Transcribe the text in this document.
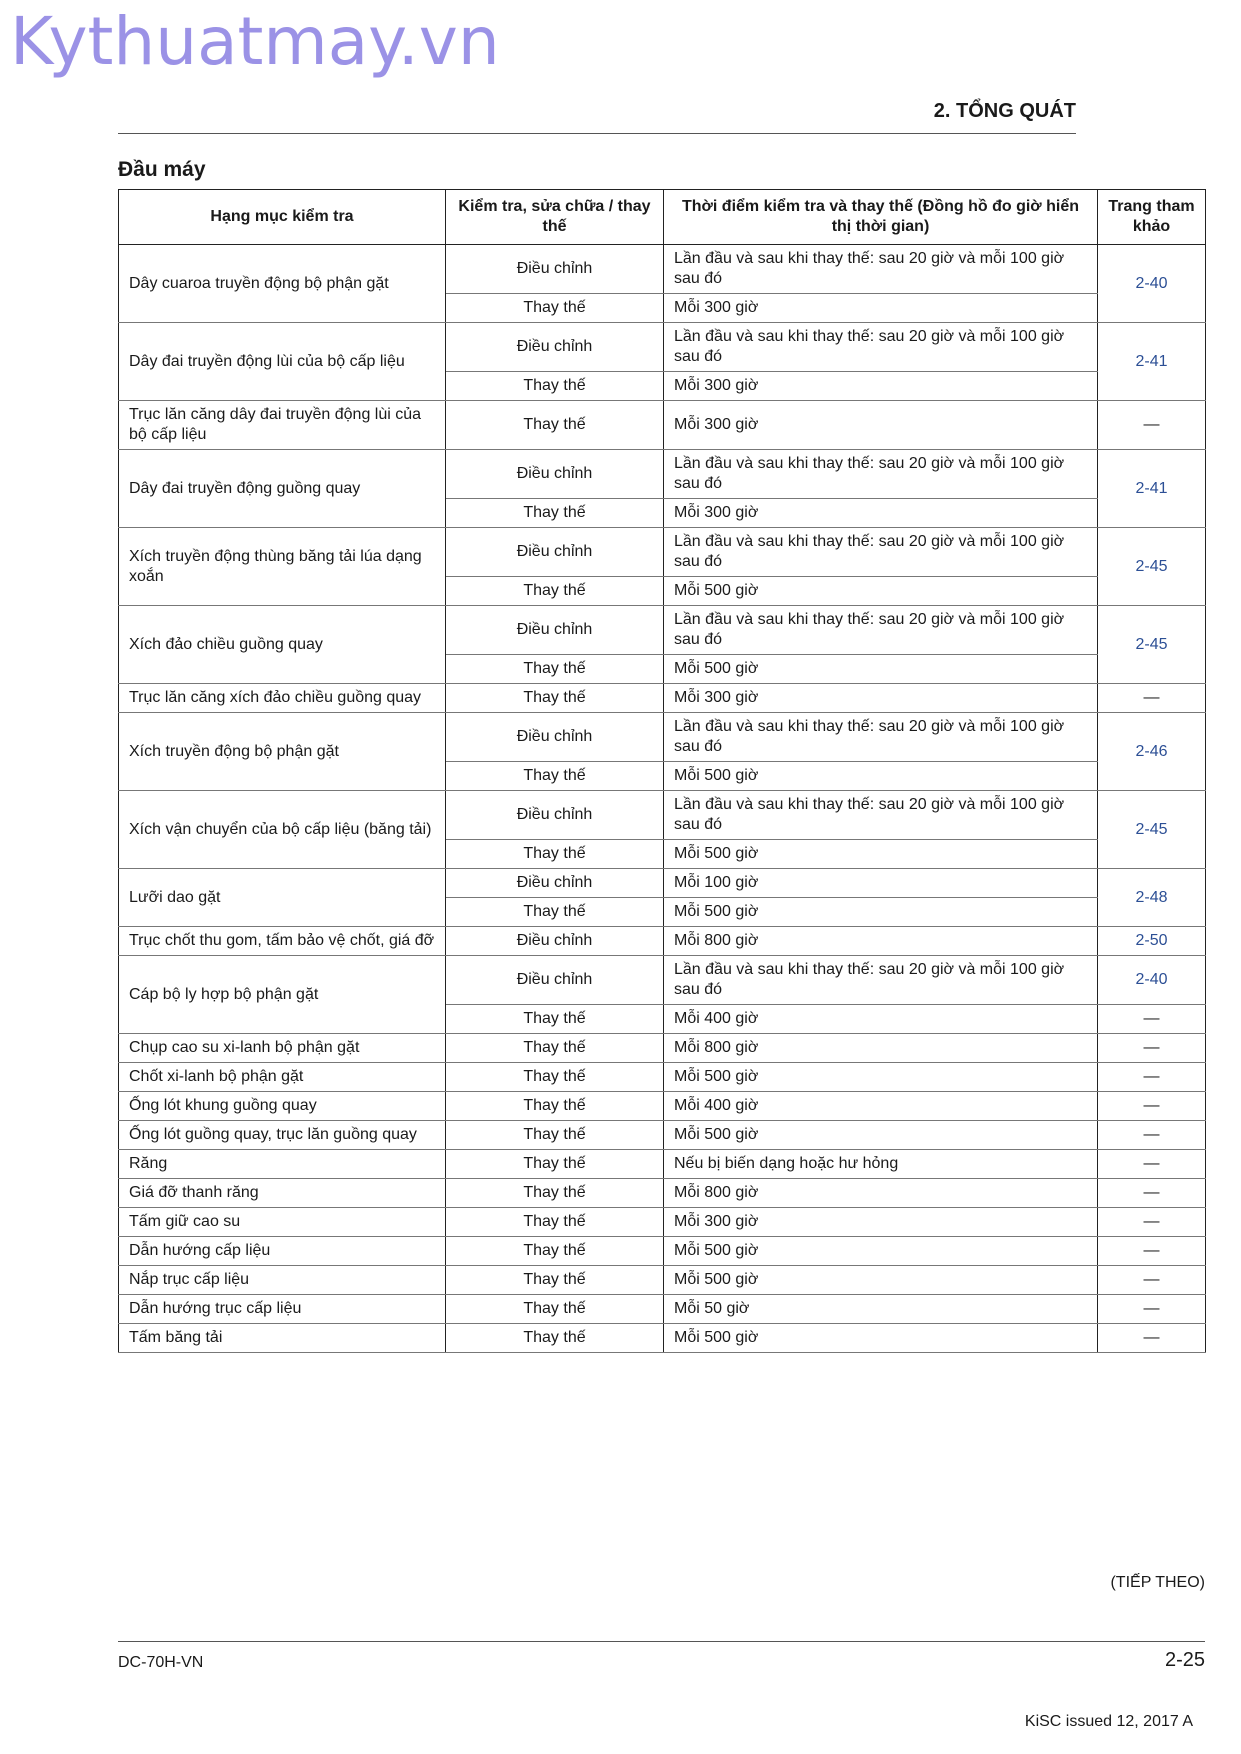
Kythuatmay.vn
2. TỔNG QUÁT
Đầu máy
Hạng mục kiểm tra	Kiểm tra, sửa chữa / thay thế	Thời điểm kiểm tra và thay thế (Đồng hồ đo giờ hiển thị thời gian)	Trang tham khảo
Dây cuaroa truyền động bộ phận gặt	Điều chỉnh	Lần đầu và sau khi thay thế: sau 20 giờ và mỗi 100 giờ sau đó	2-40
	Thay thế	Mỗi 300 giờ	
Dây đai truyền động lùi của bộ cấp liệu	Điều chỉnh	Lần đầu và sau khi thay thế: sau 20 giờ và mỗi 100 giờ sau đó	2-41
	Thay thế	Mỗi 300 giờ	
Trục lăn căng dây đai truyền động lùi của bộ cấp liệu	Thay thế	Mỗi 300 giờ	—
Dây đai truyền động guồng quay	Điều chỉnh	Lần đầu và sau khi thay thế: sau 20 giờ và mỗi 100 giờ sau đó	2-41
	Thay thế	Mỗi 300 giờ	
Xích truyền động thùng băng tải lúa dạng xoắn	Điều chỉnh	Lần đầu và sau khi thay thế: sau 20 giờ và mỗi 100 giờ sau đó	2-45
	Thay thế	Mỗi 500 giờ	
Xích đảo chiều guồng quay	Điều chỉnh	Lần đầu và sau khi thay thế: sau 20 giờ và mỗi 100 giờ sau đó	2-45
	Thay thế	Mỗi 500 giờ	
Trục lăn căng xích đảo chiều guồng quay	Thay thế	Mỗi 300 giờ	—
Xích truyền động bộ phận gặt	Điều chỉnh	Lần đầu và sau khi thay thế: sau 20 giờ và mỗi 100 giờ sau đó	2-46
	Thay thế	Mỗi 500 giờ	
Xích vận chuyển của bộ cấp liệu (băng tải)	Điều chỉnh	Lần đầu và sau khi thay thế: sau 20 giờ và mỗi 100 giờ sau đó	2-45
	Thay thế	Mỗi 500 giờ	
Lưỡi dao gặt	Điều chỉnh	Mỗi 100 giờ	2-48
	Thay thế	Mỗi 500 giờ	
Trục chốt thu gom, tấm bảo vệ chốt, giá đỡ	Điều chỉnh	Mỗi 800 giờ	2-50
Cáp bộ ly hợp bộ phận gặt	Điều chỉnh	Lần đầu và sau khi thay thế: sau 20 giờ và mỗi 100 giờ sau đó	2-40
	Thay thế	Mỗi 400 giờ	—
Chụp cao su xi-lanh bộ phận gặt	Thay thế	Mỗi 800 giờ	—
Chốt xi-lanh bộ phận gặt	Thay thế	Mỗi 500 giờ	—
Ống lót khung guồng quay	Thay thế	Mỗi 400 giờ	—
Ống lót guồng quay, trục lăn guồng quay	Thay thế	Mỗi 500 giờ	—
Răng	Thay thế	Nếu bị biến dạng hoặc hư hỏng	—
Giá đỡ thanh răng	Thay thế	Mỗi 800 giờ	—
Tấm giữ cao su	Thay thế	Mỗi 300 giờ	—
Dẫn hướng cấp liệu	Thay thế	Mỗi 500 giờ	—
Nắp trục cấp liệu	Thay thế	Mỗi 500 giờ	—
Dẫn hướng trục cấp liệu	Thay thế	Mỗi 50 giờ	—
Tấm băng tải	Thay thế	Mỗi 500 giờ	—
(TIẾP THEO)
DC-70H-VN	2-25
KiSC issued 12, 2017 A
